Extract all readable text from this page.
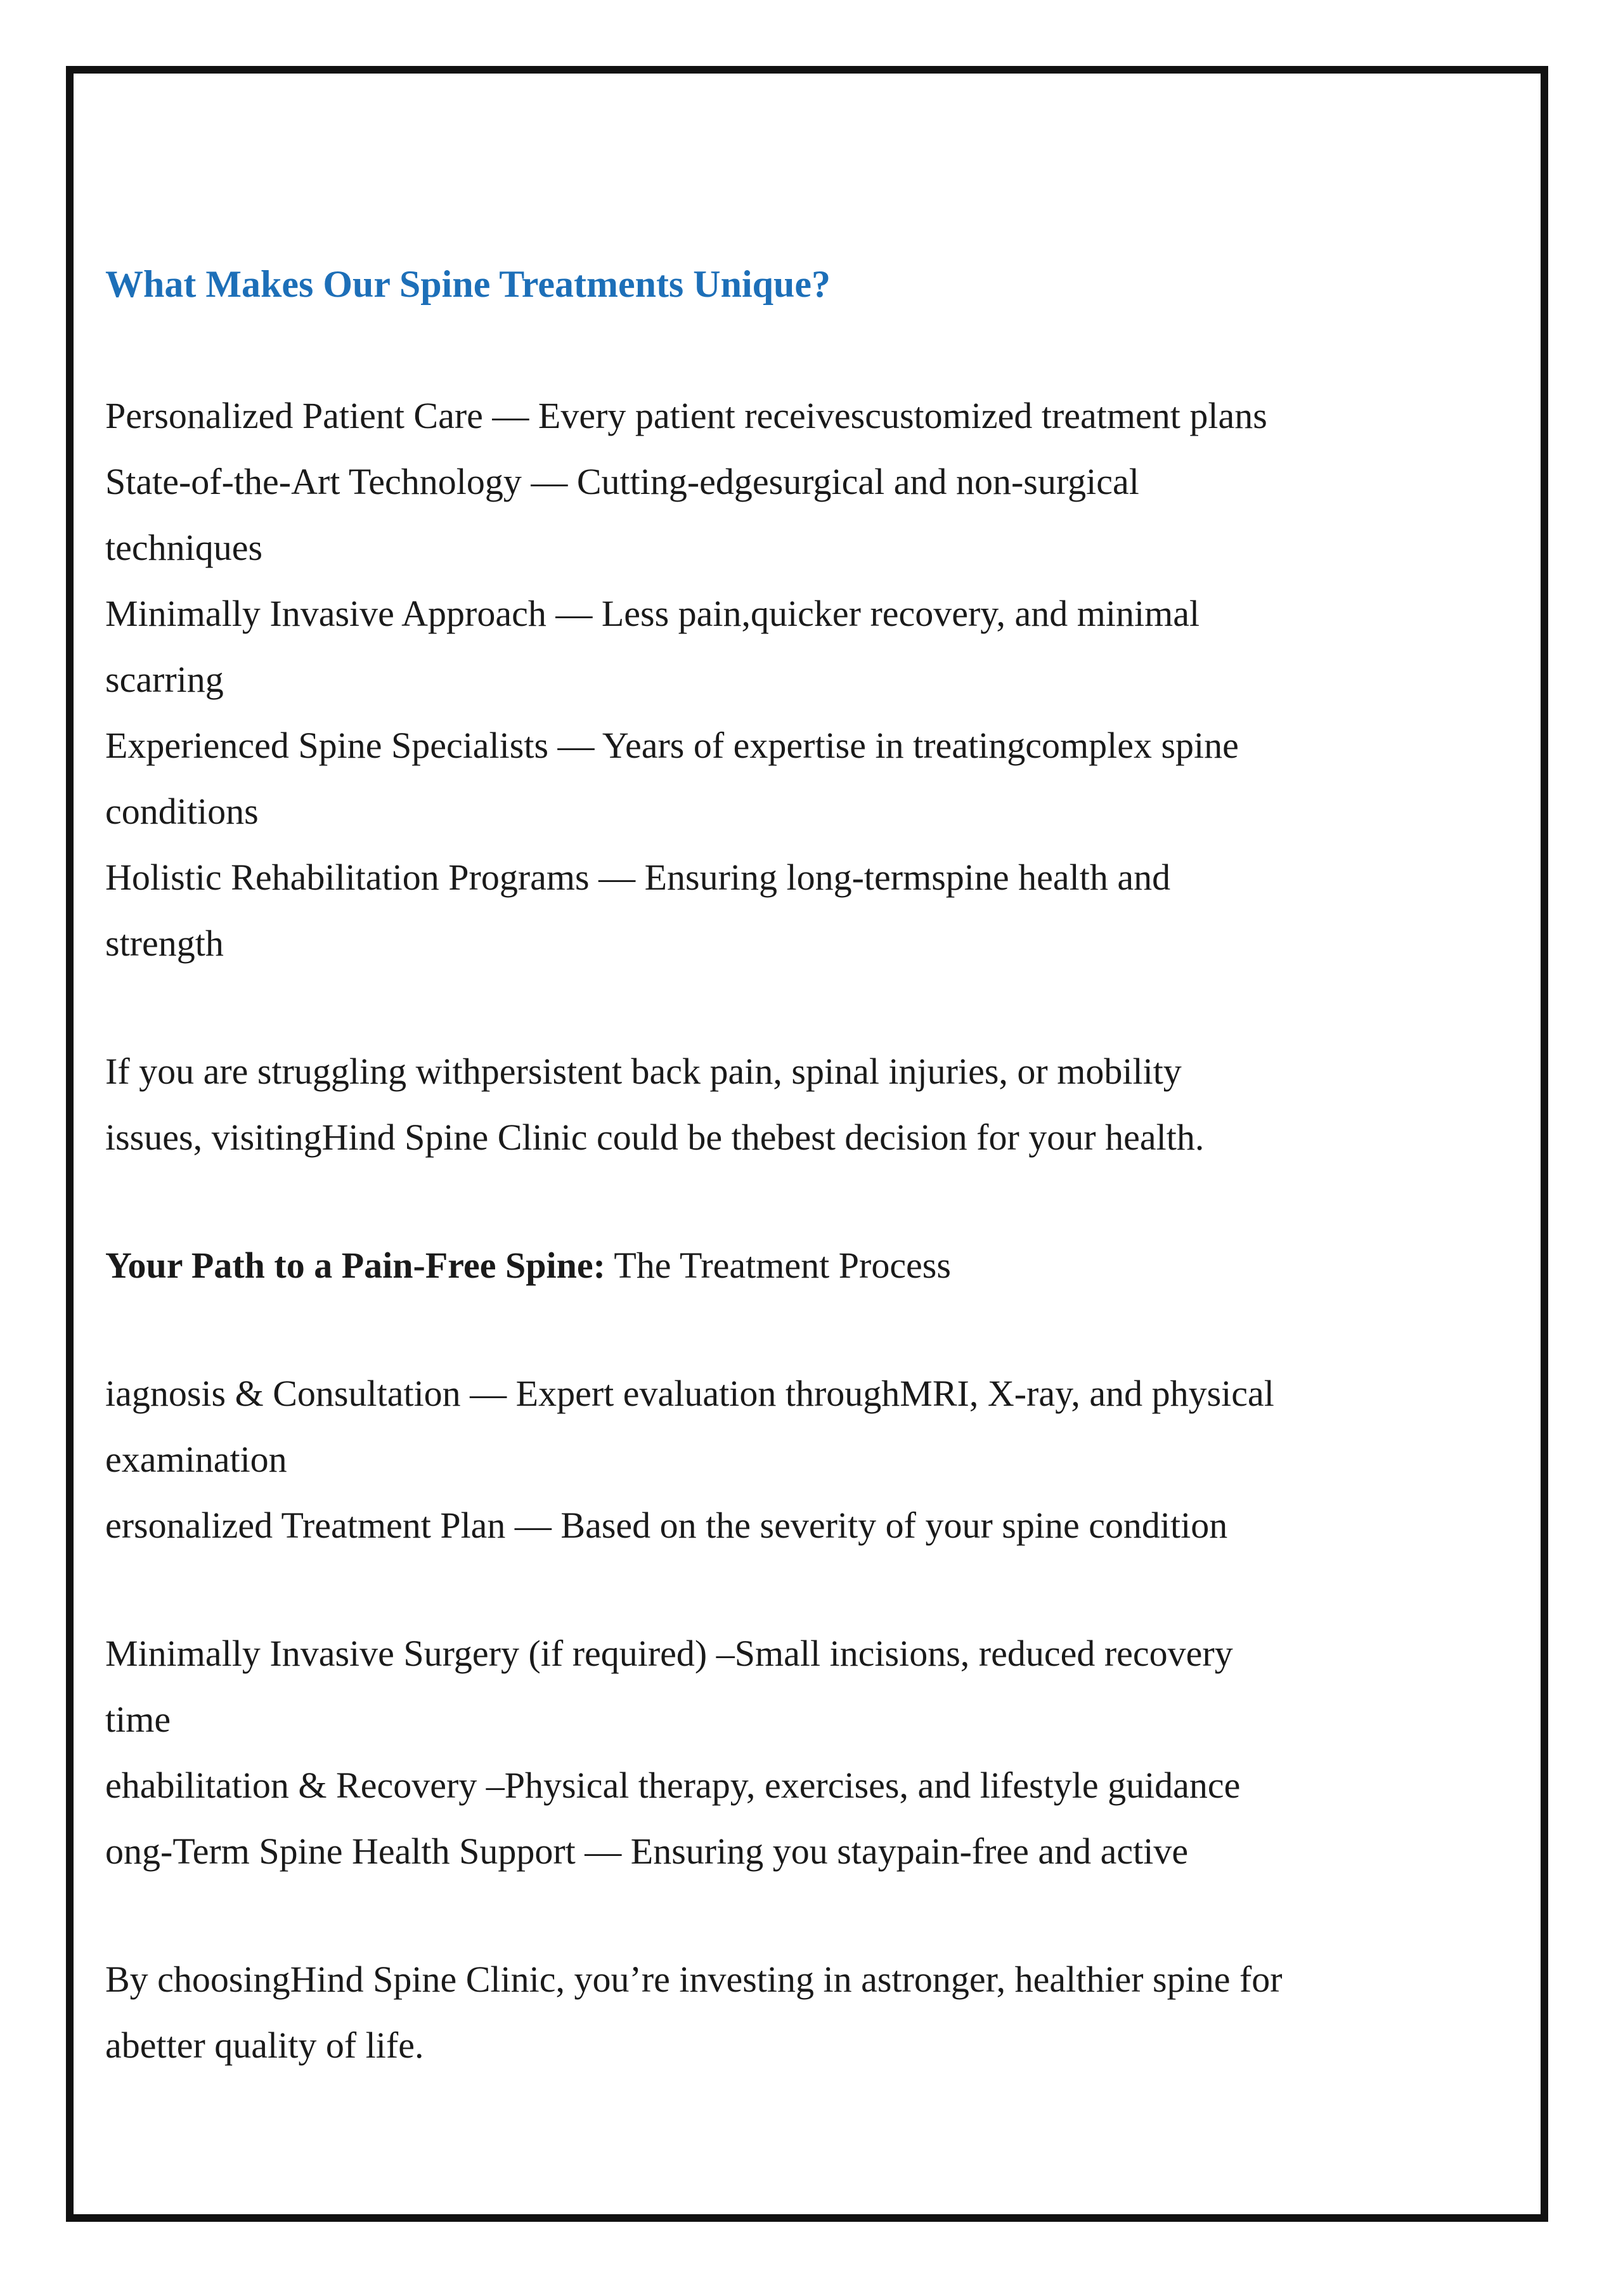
What Makes Our Spine Treatments Unique?

Personalized Patient Care — Every patient receivescustomized treatment plans
State-of-the-Art Technology — Cutting-edgesurgical and non-surgical
techniques
Minimally Invasive Approach — Less pain,quicker recovery, and minimal
scarring
Experienced Spine Specialists — Years of expertise in treatingcomplex spine
conditions
Holistic Rehabilitation Programs — Ensuring long-termspine health and
strength

If you are struggling withpersistent back pain, spinal injuries, or mobility
issues, visitingHind Spine Clinic could be thebest decision for your health.

Your Path to a Pain-Free Spine: The Treatment Process

iagnosis & Consultation — Expert evaluation throughMRI, X-ray, and physical
examination
ersonalized Treatment Plan — Based on the severity of your spine condition

Minimally Invasive Surgery (if required) –Small incisions, reduced recovery
time
ehabilitation & Recovery –Physical therapy, exercises, and lifestyle guidance
ong-Term Spine Health Support — Ensuring you staypain-free and active

By choosingHind Spine Clinic, you’re investing in astronger, healthier spine for
abetter quality of life.
